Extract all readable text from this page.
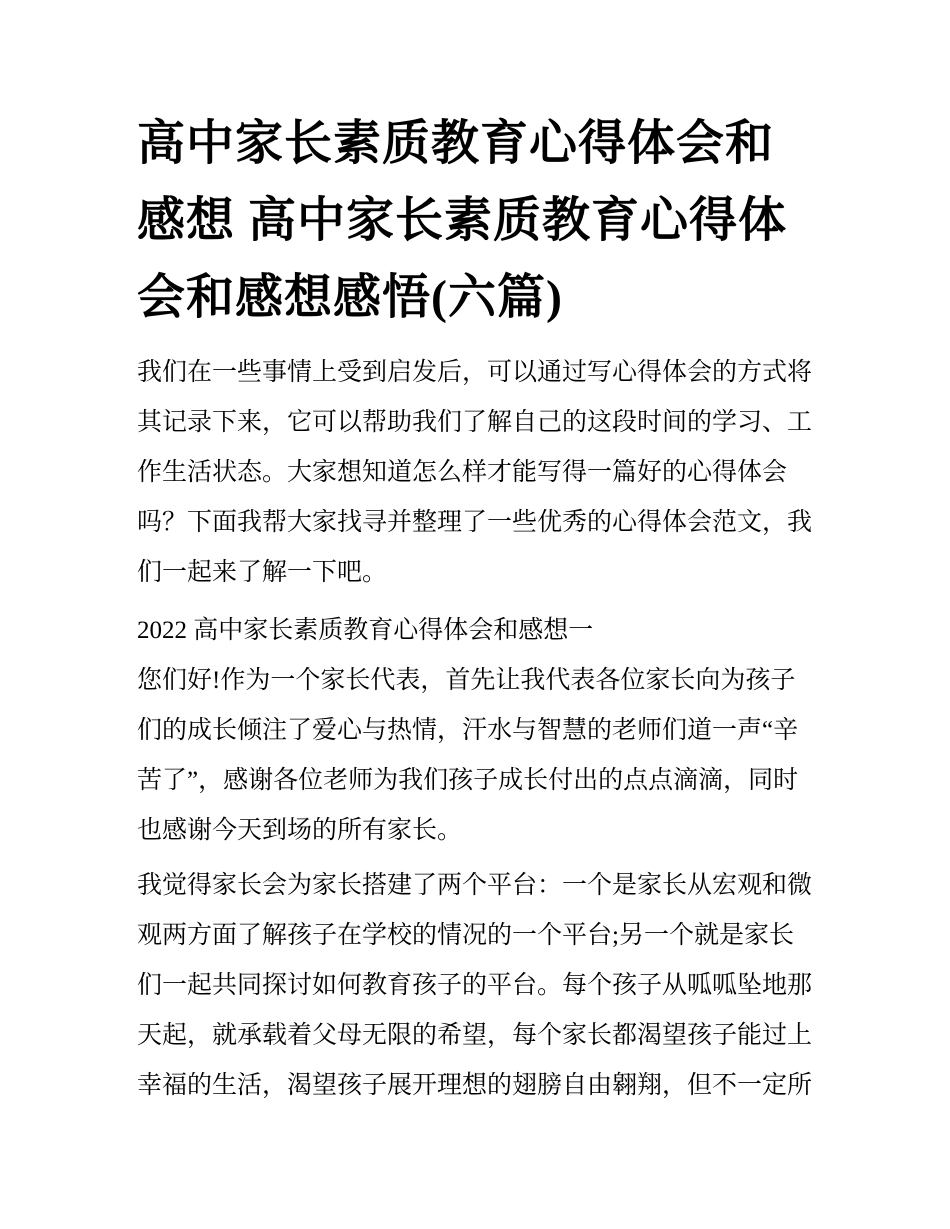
高中家长素质教育心得体会和
感想 高中家长素质教育心得体
会和感想感悟(六篇)
我们在一些事情上受到启发后，可以通过写心得体会的方式将
其记录下来，它可以帮助我们了解自己的这段时间的学习、工
作生活状态。大家想知道怎么样才能写得一篇好的心得体会
吗？下面我帮大家找寻并整理了一些优秀的心得体会范文，我
们一起来了解一下吧。
2022 高中家长素质教育心得体会和感想一
您们好!作为一个家长代表，首先让我代表各位家长向为孩子
们的成长倾注了爱心与热情，汗水与智慧的老师们道一声“辛
苦了”，感谢各位老师为我们孩子成长付出的点点滴滴，同时
也感谢今天到场的所有家长。
我觉得家长会为家长搭建了两个平台：一个是家长从宏观和微
观两方面了解孩子在学校的情况的一个平台;另一个就是家长
们一起共同探讨如何教育孩子的平台。每个孩子从呱呱坠地那
天起，就承载着父母无限的希望，每个家长都渴望孩子能过上
幸福的生活，渴望孩子展开理想的翅膀自由翱翔，但不一定所
